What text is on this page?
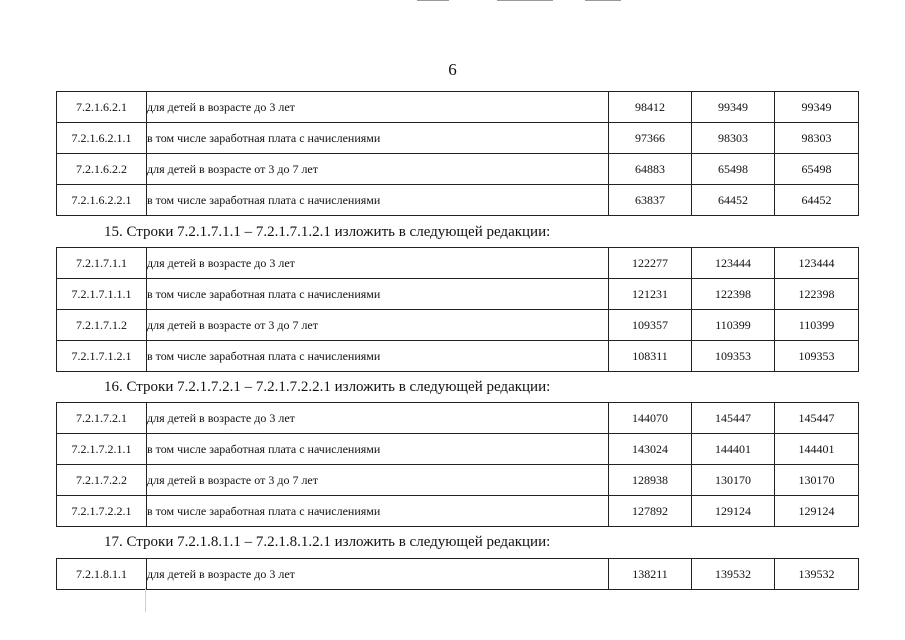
6
7.2.1.6.2.1	для детей в возрасте до 3 лет	98412	99349	99349
7.2.1.6.2.1.1	в том числе заработная плата с начислениями	97366	98303	98303
7.2.1.6.2.2	для детей в возрасте от 3 до 7 лет	64883	65498	65498
7.2.1.6.2.2.1	в том числе заработная плата с начислениями	63837	64452	64452
15. Строки 7.2.1.7.1.1 – 7.2.1.7.1.2.1 изложить в следующей редакции:
7.2.1.7.1.1	для детей в возрасте до 3 лет	122277	123444	123444
7.2.1.7.1.1.1	в том числе заработная плата с начислениями	121231	122398	122398
7.2.1.7.1.2	для детей в возрасте от 3 до 7 лет	109357	110399	110399
7.2.1.7.1.2.1	в том числе заработная плата с начислениями	108311	109353	109353
16. Строки 7.2.1.7.2.1 – 7.2.1.7.2.2.1 изложить в следующей редакции:
7.2.1.7.2.1	для детей в возрасте до 3 лет	144070	145447	145447
7.2.1.7.2.1.1	в том числе заработная плата с начислениями	143024	144401	144401
7.2.1.7.2.2	для детей в возрасте от 3 до 7 лет	128938	130170	130170
7.2.1.7.2.2.1	в том числе заработная плата с начислениями	127892	129124	129124
17. Строки 7.2.1.8.1.1 – 7.2.1.8.1.2.1 изложить в следующей редакции:
7.2.1.8.1.1	для детей в возрасте до 3 лет	138211	139532	139532
